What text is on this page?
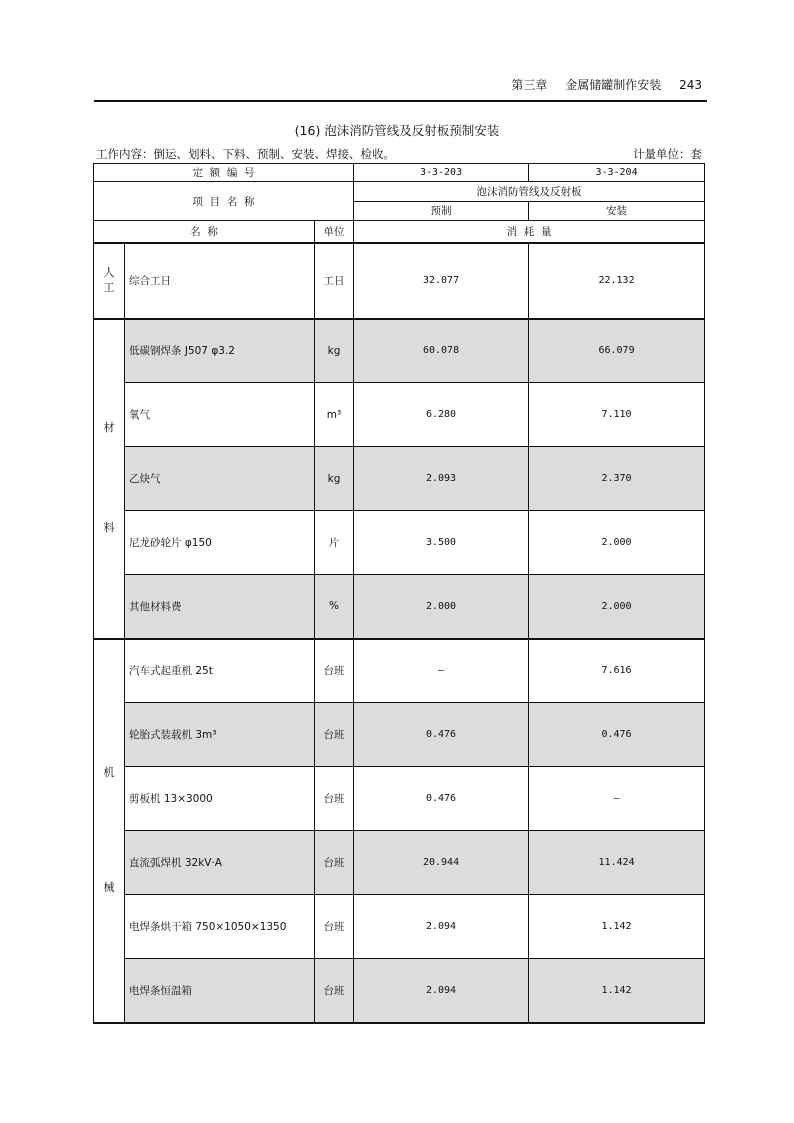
第三章 金属储罐制作安装 243
(16) 泡沫消防管线及反射板预制安装
工作内容：倒运、划料、下料、预制、安装、焊接、检收。	计量单位：套
定  额  编  号			3-3-203	3-3-204
项  目  名  称			泡沫消防管线及反射板	
			预制	安装
名  称		单位	消  耗  量	
人
工	综合工日	工日	32.077	22.132
材

料	低碳钢焊条 J507 φ3.2	kg	60.078	66.079
	氧气	m³	6.280	7.110
	乙炔气	kg	2.093	2.370
	尼龙砂轮片 φ150	片	3.500	2.000
	其他材料费	%	2.000	2.000
机

械	汽车式起重机 25t	台班	—	7.616
	轮胎式装载机 3m³	台班	0.476	0.476
	剪板机 13×3000	台班	0.476	—
	直流弧焊机 32kV·A	台班	20.944	11.424
	电焊条烘干箱 750×1050×1350	台班	2.094	1.142
	电焊条恒温箱	台班	2.094	1.142
